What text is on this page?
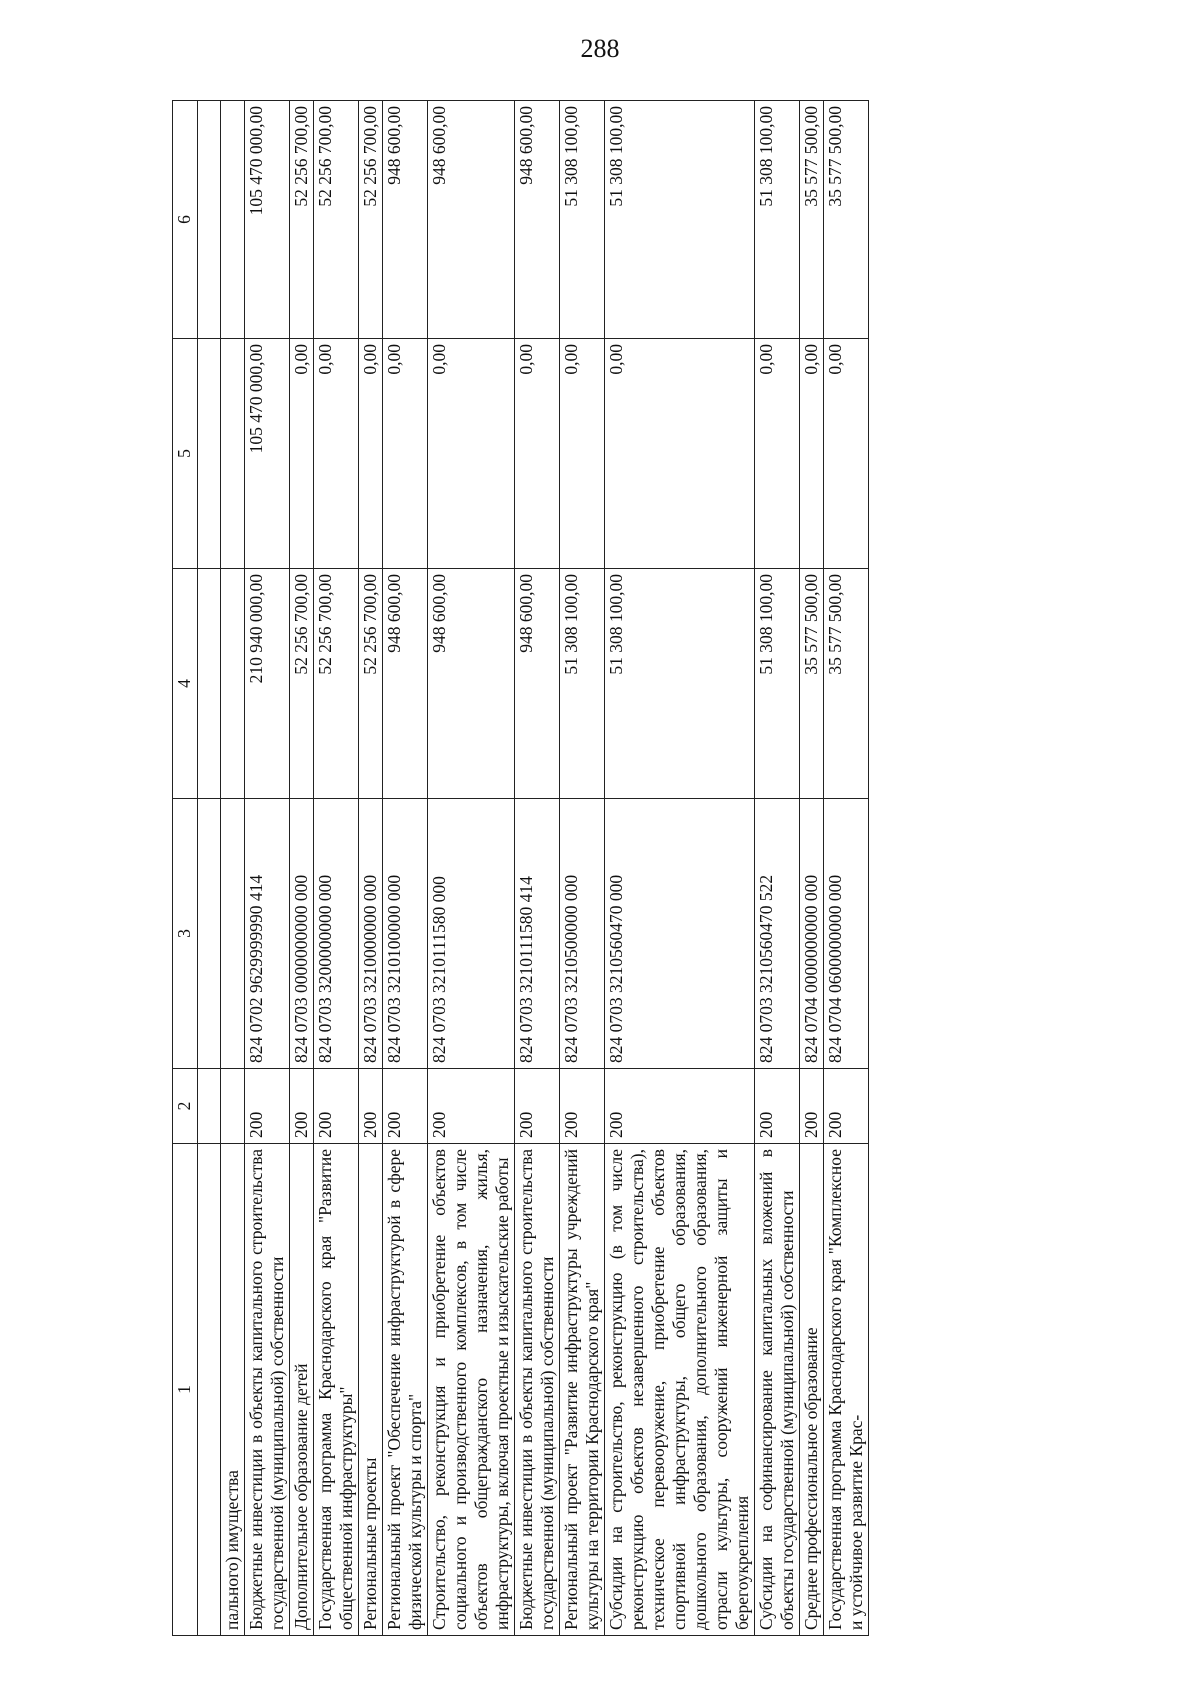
288
1	2	3	4	5	6

пального) имущества					
Бюджетные инвестиции в объекты капитального строительства государственной (муниципальной) собственности	200	824 0702 9629999990 414	210 940 000,00	105 470 000,00	105 470 000,00
Дополнительное образование детей	200	824 0703 0000000000 000	52 256 700,00	0,00	52 256 700,00
Государственная программа Краснодарского края "Развитие общественной инфраструктуры"	200	824 0703 3200000000 000	52 256 700,00	0,00	52 256 700,00
Региональные проекты	200	824 0703 3210000000 000	52 256 700,00	0,00	52 256 700,00
Региональный проект "Обеспечение инфраструктурой в сфере физической культуры и спорта"	200	824 0703 3210100000 000	948 600,00	0,00	948 600,00
Строительство, реконструкция и приобретение объектов социального и производственного комплексов, в том числе объектов общегражданского назначения, жилья, инфраструктуры, включая проектные и изыскательские работы	200	824 0703 3210111580 000	948 600,00	0,00	948 600,00
Бюджетные инвестиции в объекты капитального строительства государственной (муниципальной) собственности	200	824 0703 3210111580 414	948 600,00	0,00	948 600,00
Региональный проект "Развитие инфраструктуры учреждений культуры на территории Краснодарского края"	200	824 0703 3210500000 000	51 308 100,00	0,00	51 308 100,00
Субсидии на строительство, реконструкцию (в том числе реконструкцию объектов незавершенного строительства), техническое перевооружение, приобретение объектов спортивной инфраструктуры, общего образования, дошкольного образования, дополнительного образования, отрасли культуры, сооружений инженерной защиты и берегоукрепления	200	824 0703 3210560470 000	51 308 100,00	0,00	51 308 100,00
Субсидии на софинансирование капитальных вложений в объекты государственной (муниципальной) собственности	200	824 0703 3210560470 522	51 308 100,00	0,00	51 308 100,00
Среднее профессиональное образование	200	824 0704 0000000000 000	35 577 500,00	0,00	35 577 500,00
Государственная программа Краснодарского края "Комплексное и устойчивое развитие Крас-	200	824 0704 0600000000 000	35 577 500,00	0,00	35 577 500,00
